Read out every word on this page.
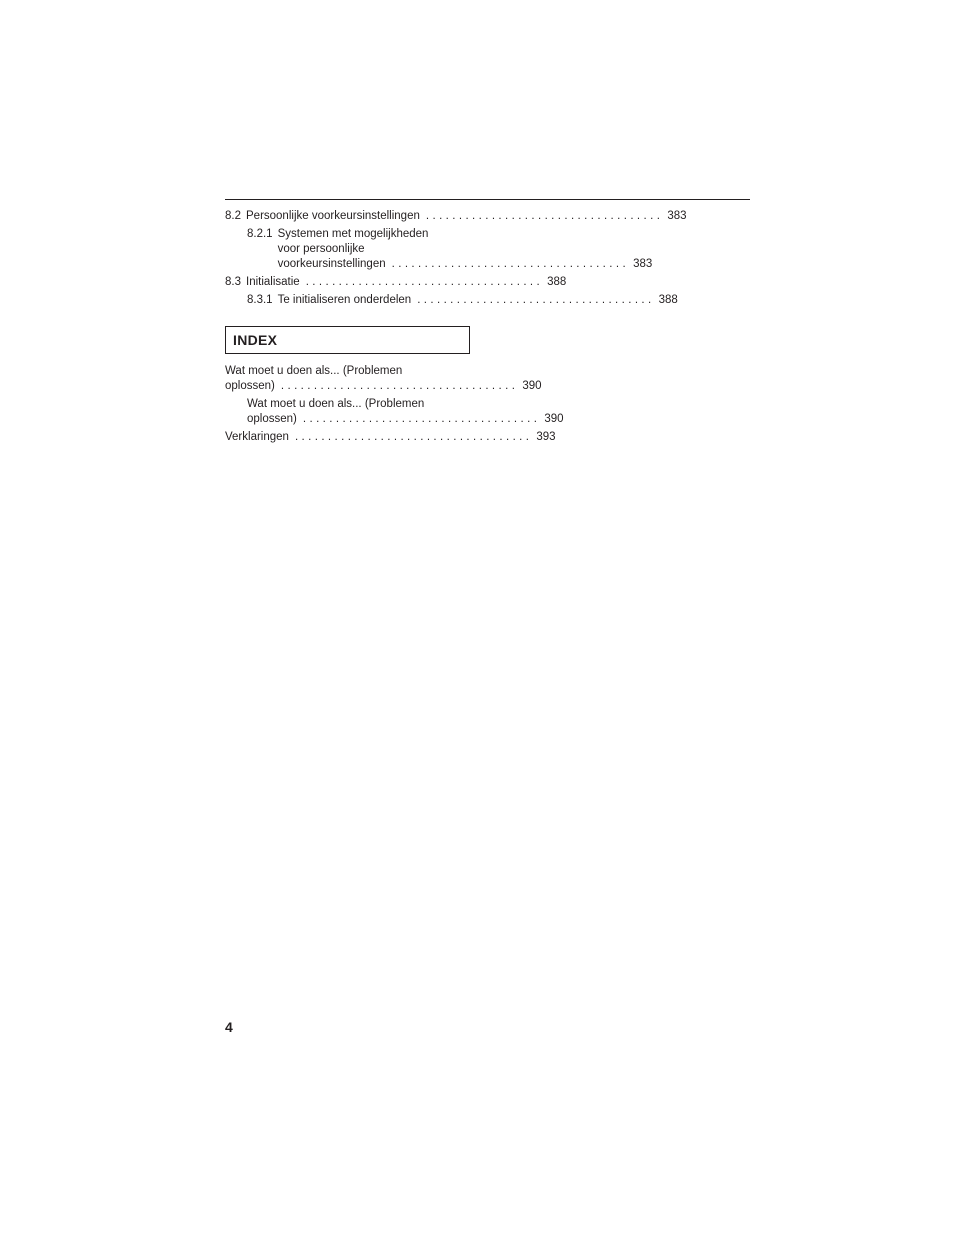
8.2 Persoonlijke voorkeursinstellingen .................................... 383
8.2.1 Systemen met mogelijkheden
voor persoonlijke
voorkeursinstellingen .................................... 383
8.3 Initialisatie .................................... 388
8.3.1 Te initialiseren onderdelen .................................... 388
INDEX
Wat moet u doen als... (Problemen
oplossen) .................................... 390
Wat moet u doen als... (Problemen
oplossen) .................................... 390
Verklaringen .................................... 393
4
